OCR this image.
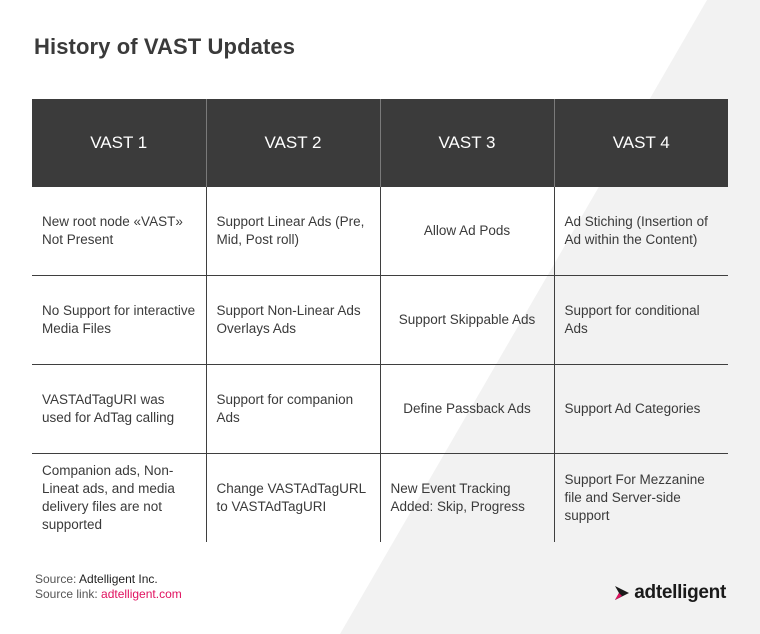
History of VAST Updates
VAST 1	VAST 2	VAST 3	VAST 4
New root node «VAST» Not Present	Support Linear Ads (Pre, Mid, Post roll)	Allow Ad Pods	Ad Stiching (Insertion of Ad within the Content)
No Support for interactive Media Files	Support Non-Linear Ads Overlays Ads	Support Skippable Ads	Support for conditional Ads
VASTAdTagURI was used for AdTag calling	Support for companion Ads	Define Passback Ads	Support Ad Categories
Companion ads, Non-Lineat ads, and media delivery files are not supported	Change VASTAdTagURL to VASTAdTagURI	New Event Tracking Added: Skip, Progress	Support For Mezzanine file and Server-side support
Source: Adtelligent Inc.
Source link: adtelligent.com	adtelligent
